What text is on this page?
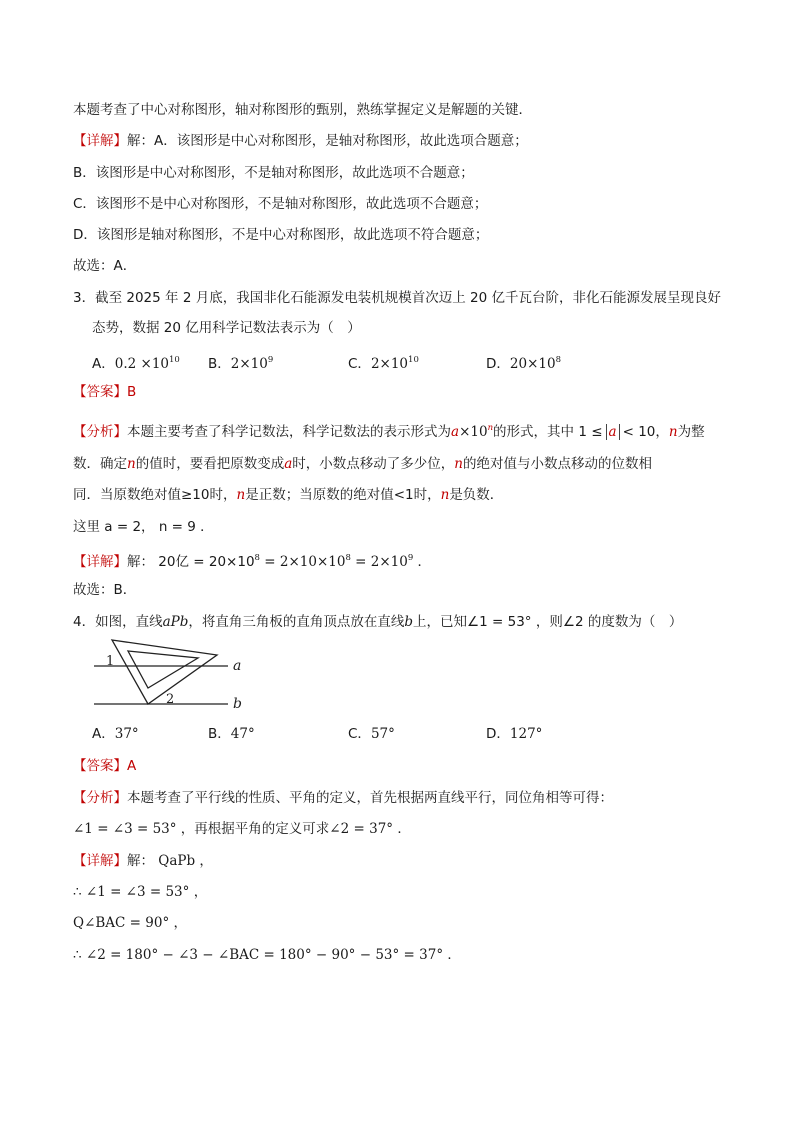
本题考查了中心对称图形，轴对称图形的甄别，熟练掌握定义是解题的关键．
【详解】解：A．该图形是中心对称图形，是轴对称图形，故此选项合题意；
B．该图形是中心对称图形，不是轴对称图形，故此选项不合题意；
C．该图形不是中心对称图形，不是轴对称图形，故此选项不合题意；
D．该图形是轴对称图形，不是中心对称图形，故此选项不符合题意；
故选：A．
3．截至 2025 年 2 月底，我国非化石能源发电装机规模首次迈上 20 亿千瓦台阶，非化石能源发展呈现良好
态势，数据 20 亿用科学记数法表示为（　）
A．$0.2 \times 10^{10}$ B．$2\times 10^9$	C．$2\times 10^{10}$	D．$20\times 10^8$
【答案】B
【分析】本题主要考查了科学记数法，科学记数法的表示形式为$a\times 10^n$的形式，其中 1 ≤ a < 10，n为整
数．确定n的值时，要看把原数变成a时，小数点移动了多少位，n的绝对值与小数点移动的位数相
同．当原数绝对值≥10时，n是正数；当原数的绝对值<1时，n是负数．
这里 a = 2， n = 9 ．
【详解】解： 20亿 = $20\times 10^8 = 2\times 10\times 10^8 = 2\times 10^9$ ．
故选：B．
4．如图，直线aPb，将直角三角板的直角顶点放在直线b上，已知∠1 = 53° ，则∠2 的度数为（　）
1
2
a
b
A．37°	B．47°	C．57°	D．127°
【答案】A
【分析】本题考查了平行线的性质、平角的定义，首先根据两直线平行，同位角相等可得：
∠1 = ∠3 = 53° ，再根据平角的定义可求∠2 = 37° ．
【详解】解： QaPb ，
∴ ∠1 = ∠3 = 53° ，
Q∠BAC = 90° ，
∴ ∠2 = 180° − ∠3 − ∠BAC = 180° − 90° − 53° = 37° ．
